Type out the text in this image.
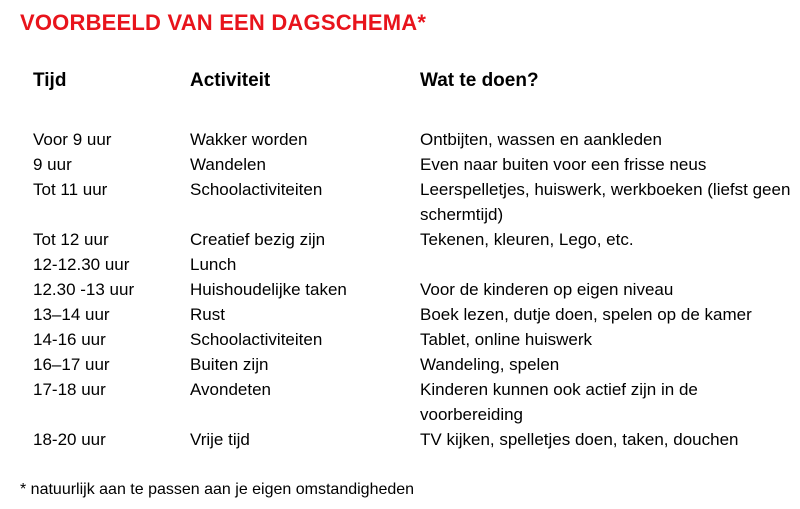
VOORBEELD VAN EEN DAGSCHEMA*
Tijd	Activiteit	Wat te doen?
Voor 9 uur	Wakker worden	Ontbijten, wassen en aankleden
9 uur	Wandelen	Even naar buiten voor een frisse neus
Tot 11 uur	Schoolactiviteiten	Leerspelletjes, huiswerk, werkboeken (liefst geen schermtijd)
Tot 12 uur	Creatief bezig zijn	Tekenen, kleuren, Lego, etc.
12-12.30 uur	Lunch
12.30 -13 uur	Huishoudelijke taken	Voor de kinderen op eigen niveau
13–14 uur	Rust	Boek lezen, dutje doen, spelen op de kamer
14-16 uur	Schoolactiviteiten	Tablet, online huiswerk
16–17 uur	Buiten zijn	Wandeling, spelen
17-18 uur	Avondeten	Kinderen kunnen ook actief zijn in de voorbereiding
18-20 uur	Vrije tijd	TV kijken, spelletjes doen, taken, douchen
* natuurlijk aan te passen aan je eigen omstandigheden
